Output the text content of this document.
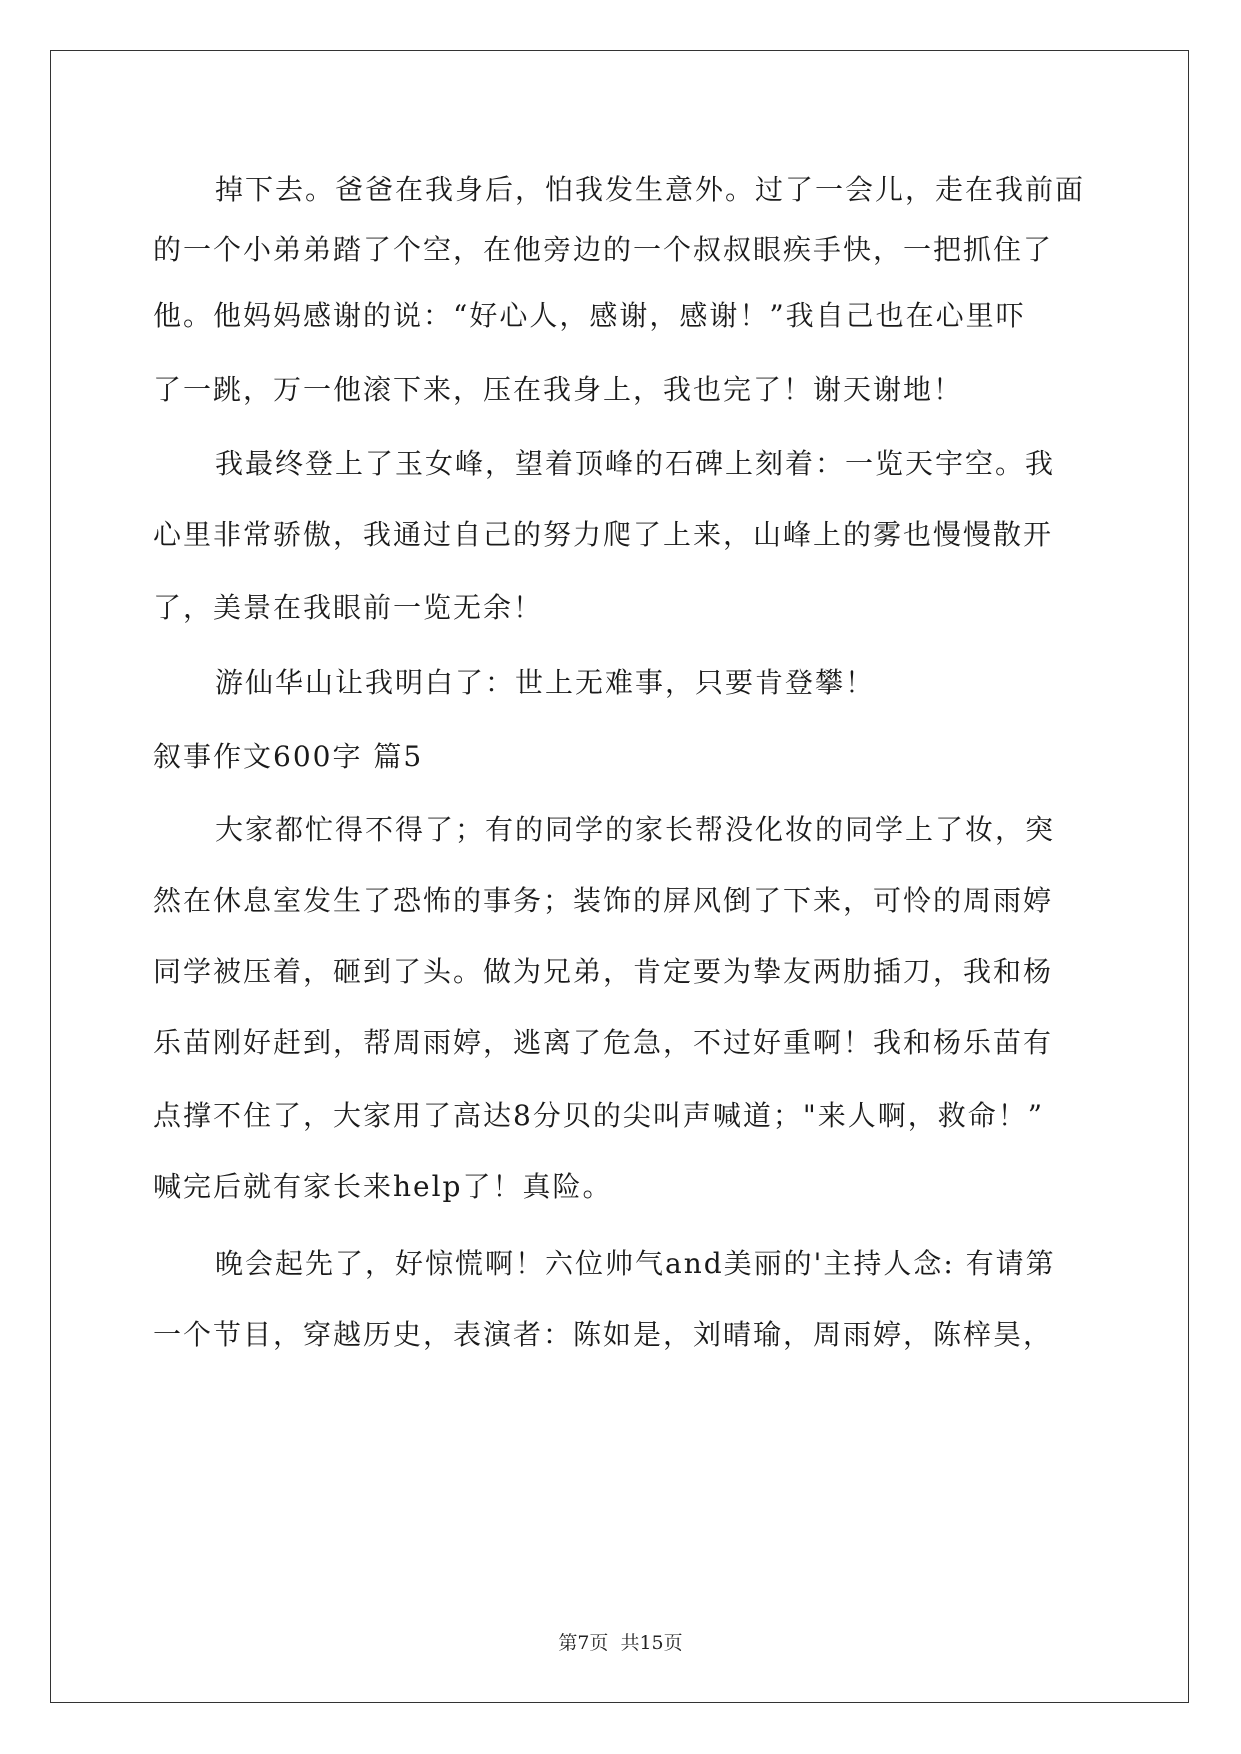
掉下去。爸爸在我身后，怕我发生意外。过了一会儿，走在我前面
的一个小弟弟踏了个空，在他旁边的一个叔叔眼疾手快，一把抓住了
他。他妈妈感谢的说：“好心人，感谢，感谢！”我自己也在心里吓
了一跳，万一他滚下来，压在我身上，我也完了！谢天谢地！
我最终登上了玉女峰，望着顶峰的石碑上刻着：一览天宇空。我
心里非常骄傲，我通过自己的努力爬了上来，山峰上的雾也慢慢散开
了，美景在我眼前一览无余！
游仙华山让我明白了：世上无难事，只要肯登攀！
叙事作文600字 篇5
大家都忙得不得了；有的同学的家长帮没化妆的同学上了妆，突
然在休息室发生了恐怖的事务；装饰的屏风倒了下来，可怜的周雨婷
同学被压着，砸到了头。做为兄弟，肯定要为挚友两肋插刀，我和杨
乐苗刚好赶到，帮周雨婷，逃离了危急，不过好重啊！我和杨乐苗有
点撑不住了，大家用了高达8分贝的尖叫声喊道；"来人啊，救命！”
喊完后就有家长来help了！真险。
晚会起先了，好惊慌啊！六位帅气and美丽的'主持人念: 有请第
一个节目，穿越历史，表演者：陈如是，刘晴瑜，周雨婷，陈梓昊，
第7页 共15页
